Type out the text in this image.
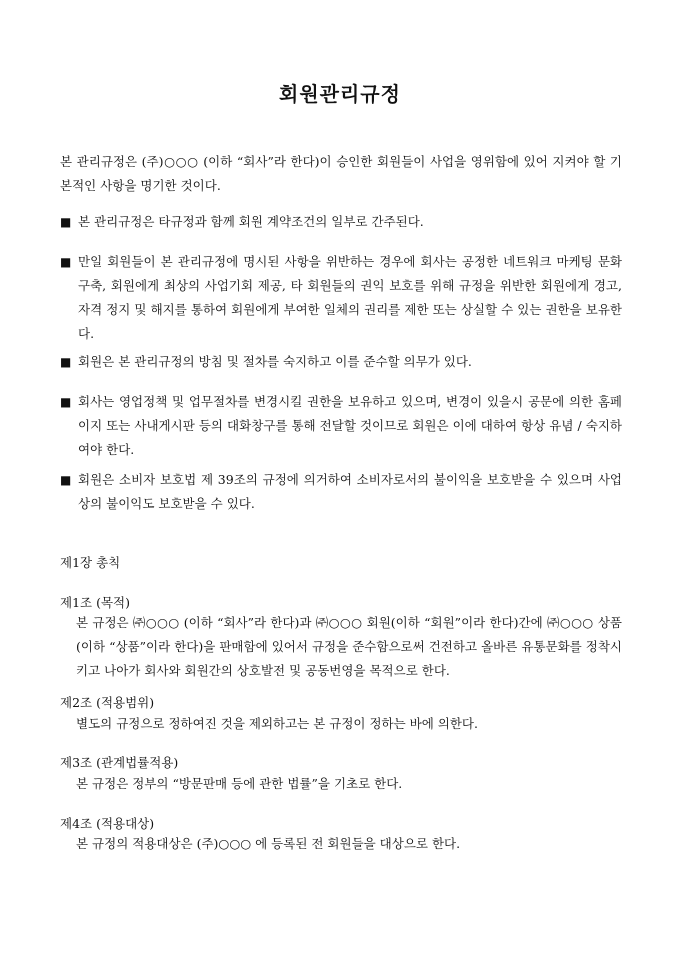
회원관리규정
본 관리규정은 (주)○○○ (이하 “회사”라 한다)이 승인한 회원들이 사업을 영위함에 있어 지켜야 할 기본적인 사항을 명기한 것이다.
■ 본 관리규정은 타규정과 함께 회원 계약조건의 일부로 간주된다.
■ 만일 회원들이 본 관리규정에 명시된 사항을 위반하는 경우에 회사는 공정한 네트워크 마케팅 문화 구축, 회원에게 최상의 사업기회 제공, 타 회원들의 권익 보호를 위해 규정을 위반한 회원에게 경고, 자격 정지 및 해지를 통하여 회원에게 부여한 일체의 권리를 제한 또는 상실할 수 있는 권한을 보유한다.
■ 회원은 본 관리규정의 방침 및 절차를 숙지하고 이를 준수할 의무가 있다.
■ 회사는 영업정책 및 업무절차를 변경시킬 권한을 보유하고 있으며, 변경이 있을시 공문에 의한 홈페이지 또는 사내게시판 등의 대화창구를 통해 전달할 것이므로 회원은 이에 대하여 항상 유념 / 숙지하여야 한다.
■ 회원은 소비자 보호법 제 39조의 규정에 의거하여 소비자로서의 불이익을 보호받을 수 있으며 사업상의 불이익도 보호받을 수 있다.
제1장 총칙
제1조 (목적)
본 규정은 ㈜○○○ (이하 “회사”라 한다)과 ㈜○○○ 회원(이하 “회원”이라 한다)간에 ㈜○○○ 상품 (이하 “상품”이라 한다)을 판매함에 있어서 규정을 준수함으로써 건전하고 올바른 유통문화를 정착시키고 나아가 회사와 회원간의 상호발전 및 공동번영을 목적으로 한다.
제2조 (적용범위)
별도의 규정으로 정하여진 것을 제외하고는 본 규정이 정하는 바에 의한다.
제3조 (관계법률적용)
본 규정은 정부의 “방문판매 등에 관한 법률”을 기초로 한다.
제4조 (적용대상)
본 규정의 적용대상은 (주)○○○ 에 등록된 전 회원들을 대상으로 한다.
